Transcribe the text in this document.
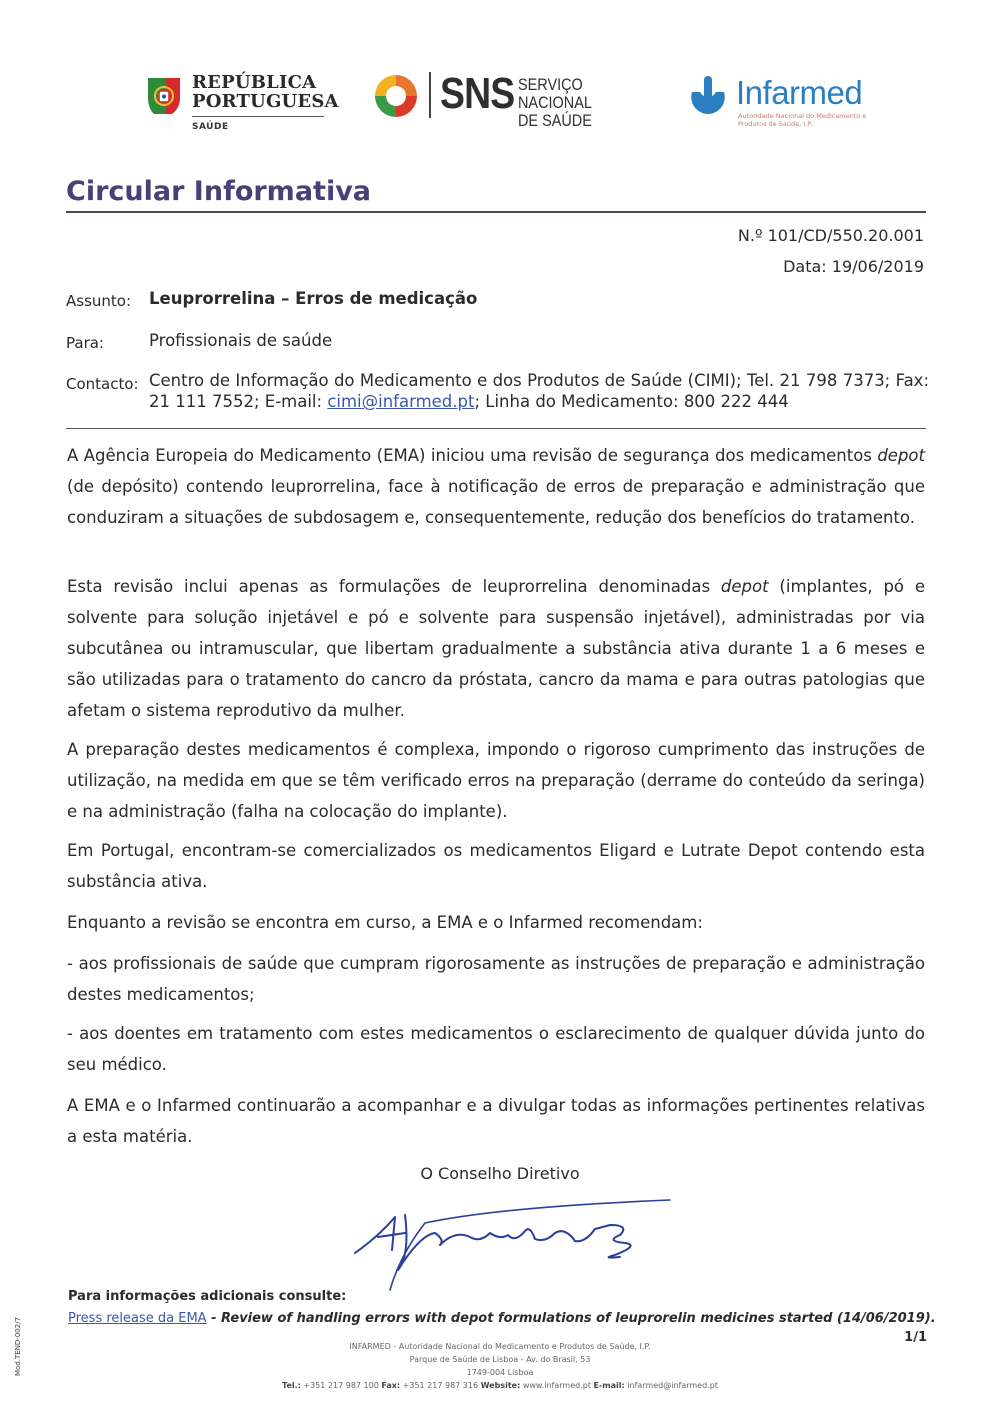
REPÚBLICA
PORTUGUESA
SAÚDE
SNS SERVIÇO NACIONAL
DE SAÚDE
Infarmed
Autoridade Nacional do Medicamento e Produtos de Saúde, I.P.
Circular Informativa
N.º 101/CD/550.20.001
Data: 19/06/2019
Assunto: Leuprorrelina – Erros de medicação
Para:	Profissionais de saúde
Contacto: Centro de Informação do Medicamento e dos Produtos de Saúde (CIMI); Tel. 21 798 7373; Fax: 21 111 7552; E-mail: cimi@infarmed.pt; Linha do Medicamento: 800 222 444
A Agência Europeia do Medicamento (EMA) iniciou uma revisão de segurança dos medicamentos depot (de depósito) contendo leuprorrelina, face à notificação de erros de preparação e administração que conduziram a situações de subdosagem e, consequentemente, redução dos benefícios do tratamento.
Esta revisão inclui apenas as formulações de leuprorrelina denominadas depot (implantes, pó e solvente para solução injetável e pó e solvente para suspensão injetável), administradas por via subcutânea ou intramuscular, que libertam gradualmente a substância ativa durante 1 a 6 meses e são utilizadas para o tratamento do cancro da próstata, cancro da mama e para outras patologias que afetam o sistema reprodutivo da mulher.
A preparação destes medicamentos é complexa, impondo o rigoroso cumprimento das instruções de utilização, na medida em que se têm verificado erros na preparação (derrame do conteúdo da seringa) e na administração (falha na colocação do implante).
Em Portugal, encontram-se comercializados os medicamentos Eligard e Lutrate Depot contendo esta substância ativa.
Enquanto a revisão se encontra em curso, a EMA e o Infarmed recomendam:
- aos profissionais de saúde que cumpram rigorosamente as instruções de preparação e administração destes medicamentos;
- aos doentes em tratamento com estes medicamentos o esclarecimento de qualquer dúvida junto do seu médico.
A EMA e o Infarmed continuarão a acompanhar e a divulgar todas as informações pertinentes relativas a esta matéria.
O Conselho Diretivo
Para informações adicionais consulte:
Press release da EMA - Review of handling errors with depot formulations of leuprorelin medicines started (14/06/2019).
1/1
INFARMED - Autoridade Nacional do Medicamento e Produtos de Saúde, I.P.
Parque de Saúde de Lisboa - Av. do Brasil, 53
1749-004 Lisboa
Tel.: +351 217 987 100 Fax: +351 217 987 316 Website: www.infarmed.pt E-mail: infarmed@infarmed.pt
Mod.TEND-002/7
